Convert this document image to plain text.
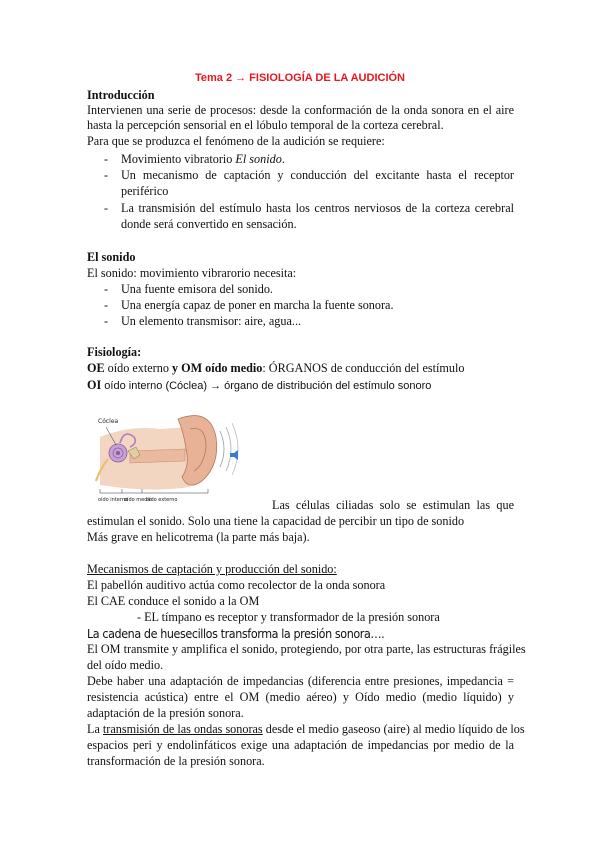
Tema 2 → FISIOLOGÍA DE LA AUDICIÓN
Introducción
Intervienen una serie de procesos: desde la conformación de la onda sonora en el aire
hasta la percepción sensorial en el lóbulo temporal de la corteza cerebral.
Para que se produzca el fenómeno de la audición se requiere:
- Movimiento vibratorio El sonido.
- Un mecanismo de captación y conducción del excitante hasta el receptor
periférico
- La transmisión del estímulo hasta los centros nerviosos de la corteza cerebral
donde será convertido en sensación.
El sonido
El sonido: movimiento vibrarorio necesita:
- Una fuente emisora del sonido.
- Una energía capaz de poner en marcha la fuente sonora.
- Un elemento transmisor: aire, agua...
Fisiología:
OE oído externo y OM oído medio: ÓRGANOS de conducción del estímulo
OI oído interno (Cóclea) → órgano de distribución del estímulo sonoro
Cóclea
oído interno
oído medio
oído externo	Las células ciliadas solo se estimulan las que
estimulan el sonido. Solo una tiene la capacidad de percibir un tipo de sonido
Más grave en helicotrema (la parte más baja).
Mecanismos de captación y producción del sonido:
El pabellón auditivo actúa como recolector de la onda sonora
El CAE conduce el sonido a la OM
- EL tímpano es receptor y transformador de la presión sonora
La cadena de huesecillos transforma la presión sonora….
El OM transmite y amplifica el sonido, protegiendo, por otra parte, las estructuras frágiles
del oído medio.
Debe haber una adaptación de impedancias (diferencia entre presiones, impedancia =
resistencia acústica) entre el OM (medio aéreo) y Oído medio (medio líquido) y
adaptación de la presión sonora.
La transmisión de las ondas sonoras desde el medio gaseoso (aire) al medio líquido de los
espacios peri y endolinfáticos exige una adaptación de impedancias por medio de la
transformación de la presión sonora.
